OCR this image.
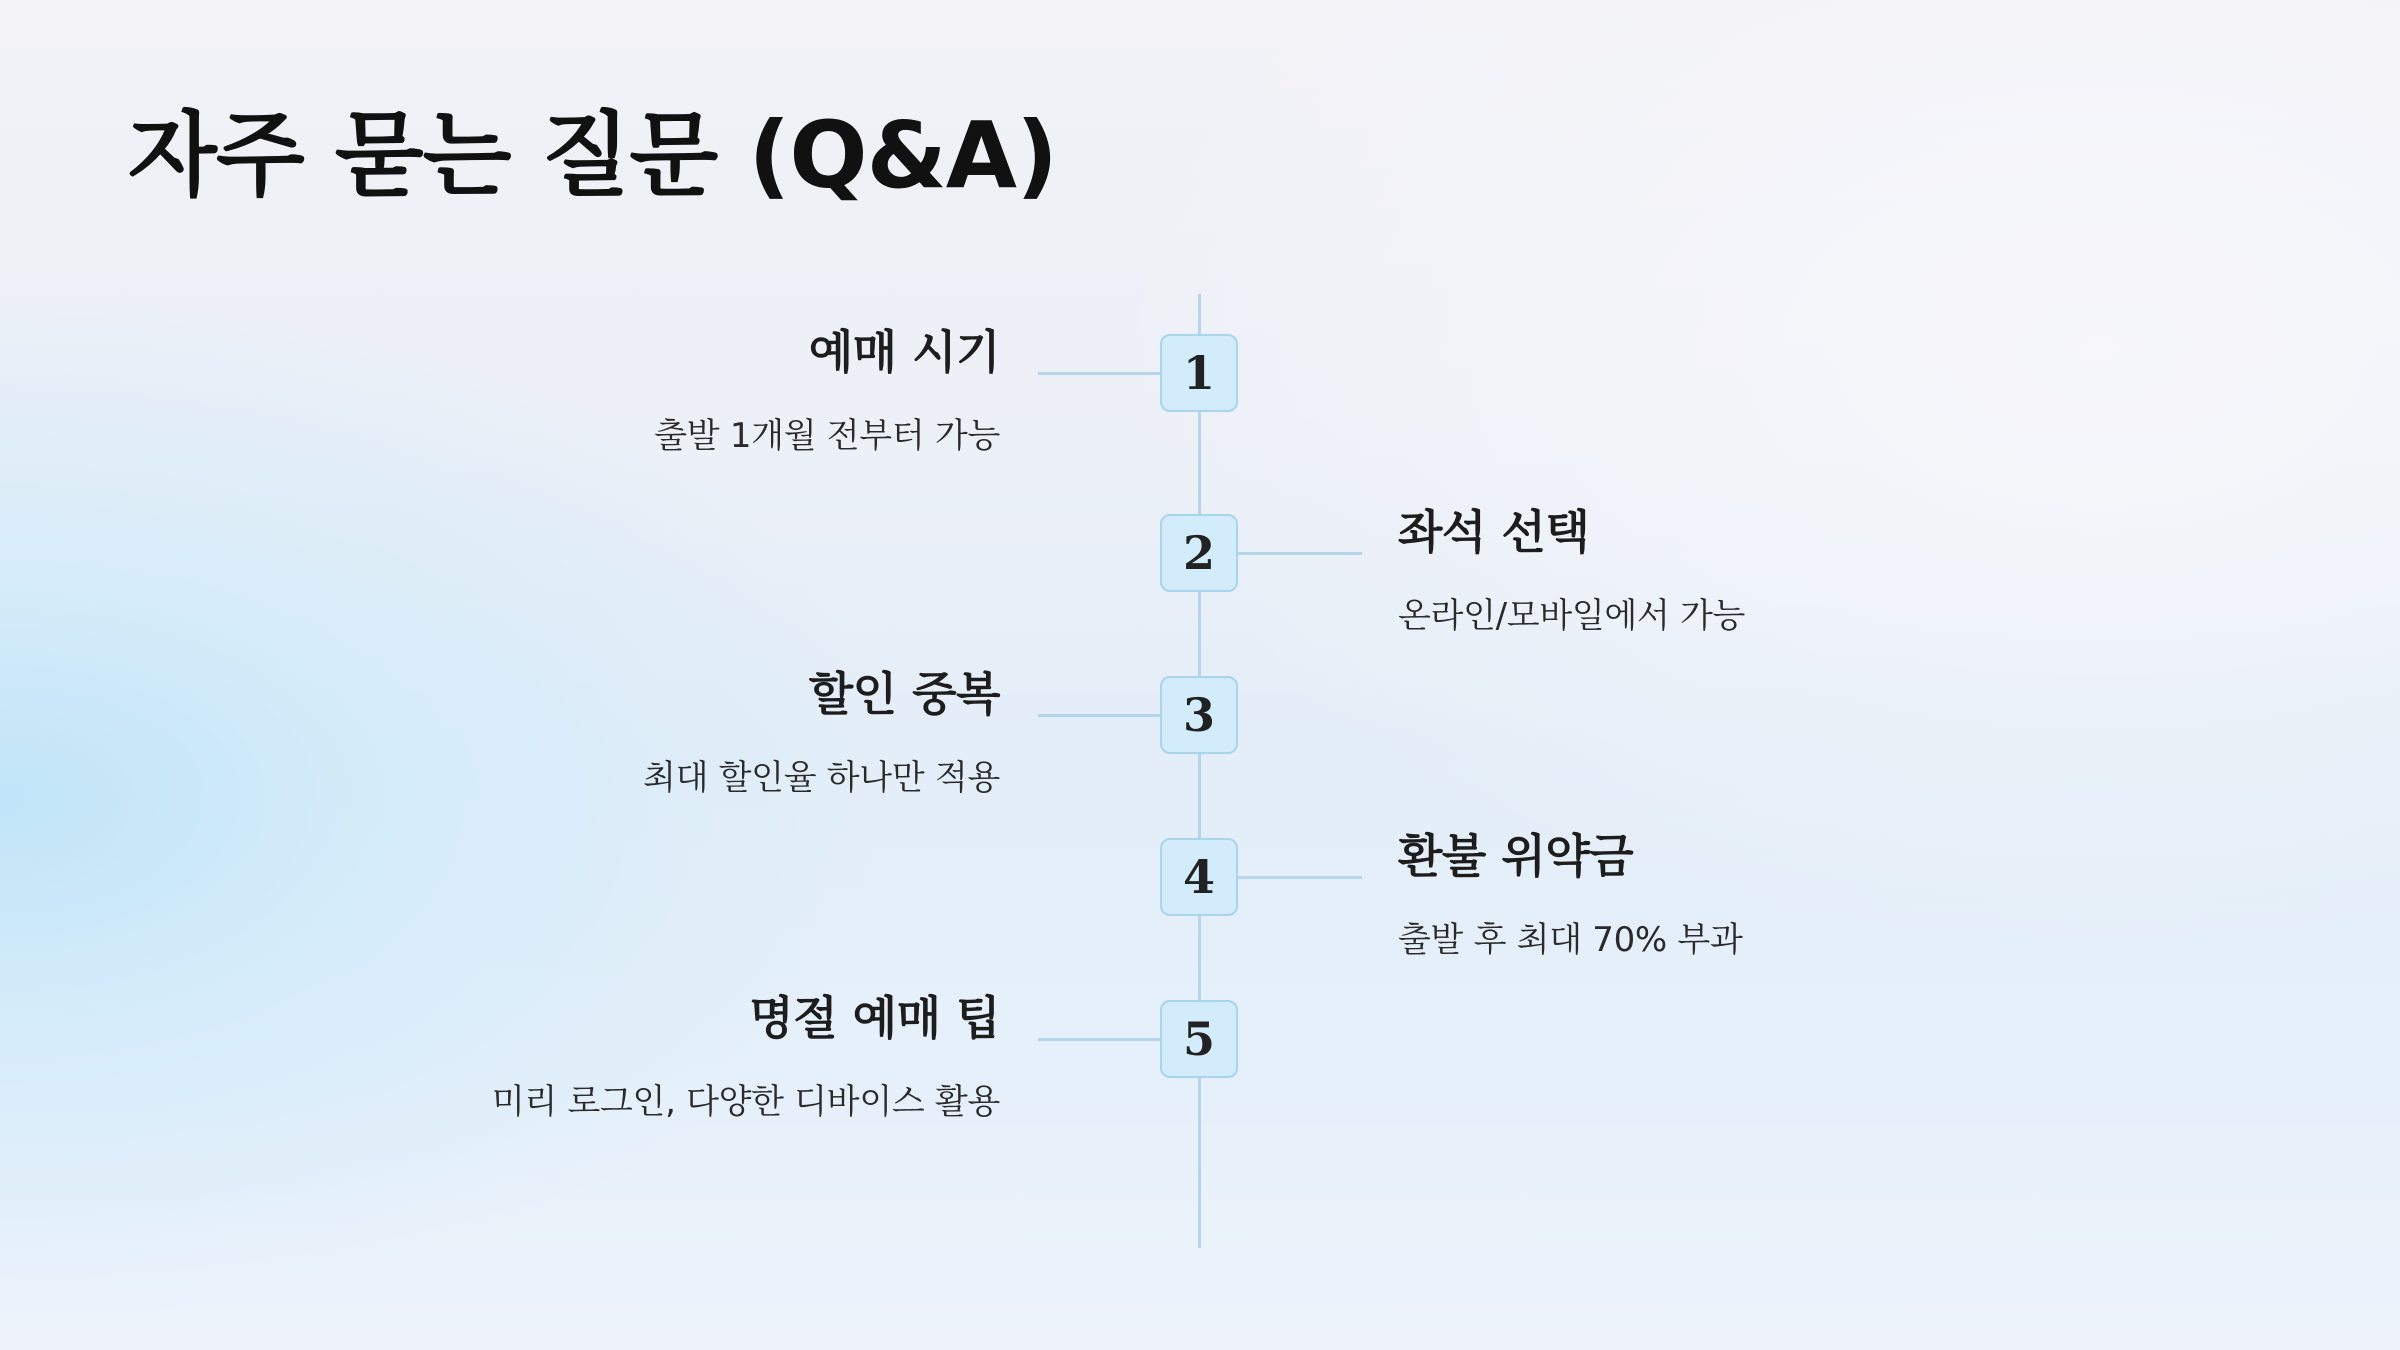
자주 묻는 질문 (Q&A)
1
예매 시기
출발 1개월 전부터 가능
2	좌석 선택
온라인/모바일에서 가능
3
할인 중복
최대 할인율 하나만 적용
4	환불 위약금
출발 후 최대 70% 부과
5
명절 예매 팁
미리 로그인, 다양한 디바이스 활용
